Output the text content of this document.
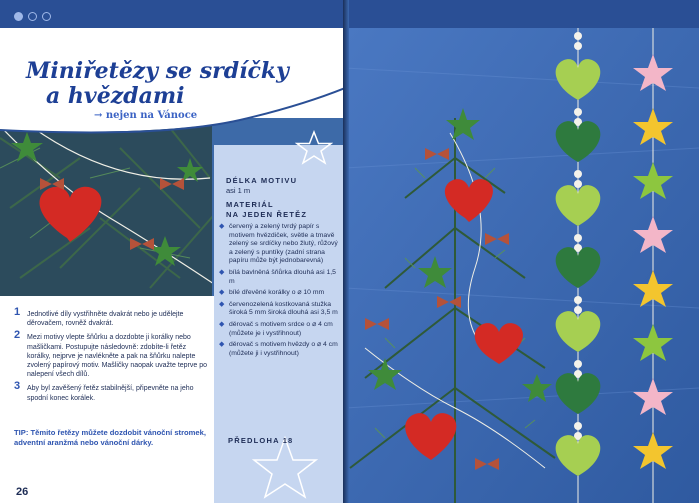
Miniřetězy se srdíčky
a hvězdami
→ nejen na Vánoce
DÉLKA MOTIVU
asi 1 m
MATERIÁL
NA JEDEN ŘETĚZ
◆ červený a zelený tvrdý papír s motivem hvězdiček, světle a tmavě zelený se srdíčky nebo žlutý, růžový a zelený s puntíky (zadní strana papíru může být jednobarevná)
◆ bílá bavlněná šňůrka dlouhá asi 1,5 m
◆ bílé dřevěné korálky o ⌀ 10 mm
◆ červenozelená kostkovaná stužka široká 5 mm široká dlouhá asi 3,5 m
◆ děrovač s motivem srdce o ⌀ 4 cm (můžete je i vystřihnout)
◆ děrovač s motivem hvězdy o ⌀ 4 cm (můžete ji i vystřihnout)
PŘEDLOHA 18
1 Jednotlivé díly vystřihněte dvakrát nebo je udělejte děrovačem, rovněž dvakrát.
2 Mezi motivy vlepte šňůrku a dozdobte ji korálky nebo mašličkami. Postupujte následovně: zdobíte-li řetěz korálky, nejprve je navlékněte a pak na šňůrku nalepte zvolený papírový motiv. Mašličky naopak uvažte teprve po nalepení všech dílů.
3 Aby byl zavěšený řetěz stabilnější, připevněte na jeho spodní konec korálek.
TIP: Těmito řetězy můžete dozdobit vánoční stromek, adventní aranžmá nebo vánoční dárky.
26
